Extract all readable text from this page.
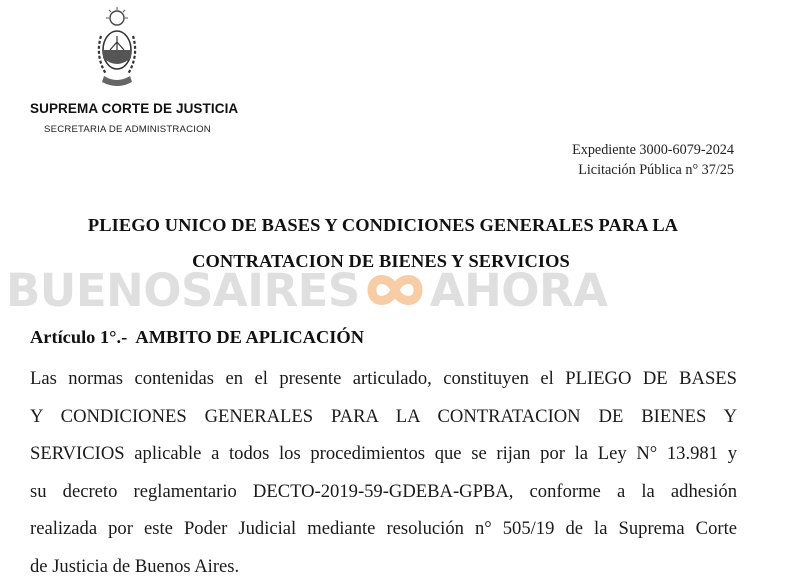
SUPREMA CORTE DE JUSTICIA
SECRETARIA DE ADMINISTRACION
Expediente 3000-6079-2024
Licitación Pública n° 37/25
PLIEGO UNICO DE BASES Y CONDICIONES GENERALES PARA LA
CONTRATACION DE BIENES Y SERVICIOS
BUENOSAIRES AHORA
Artículo 1°.-  AMBITO DE APLICACIÓN
Las normas contenidas en el presente articulado, constituyen el PLIEGO DE BASES
Y CONDICIONES GENERALES PARA LA CONTRATACION DE BIENES Y
SERVICIOS aplicable a todos los procedimientos que se rijan por la Ley N° 13.981 y
su decreto reglamentario DECTO-2019-59-GDEBA-GPBA, conforme a la adhesión
realizada por este Poder Judicial mediante resolución n° 505/19 de la Suprema Corte
de Justicia de Buenos Aires.
